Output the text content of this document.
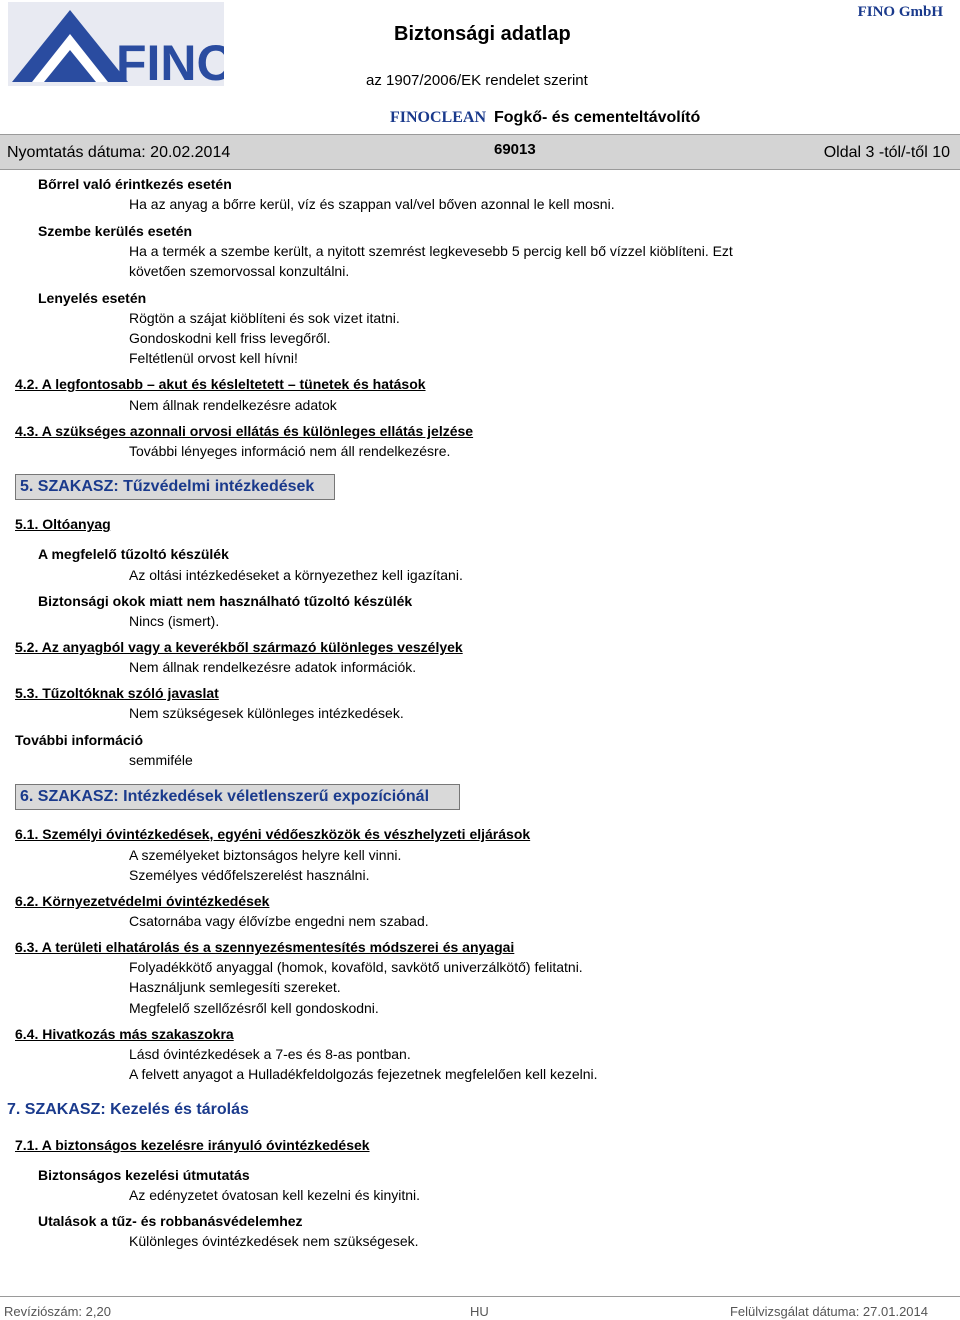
FINO
Biztonsági adatlap
az 1907/2006/EK rendelet szerint
FINO GmbH
FINOCLEAN Fogkő- és cementeltávolító
Nyomtatás dátuma: 20.02.2014	69013	Oldal 3 -tól/-től 10
Bőrrel való érintkezés esetén
Ha az anyag a bőrre kerül, víz és szappan val/vel bőven azonnal le kell mosni.
Szembe kerülés esetén
Ha a termék a szembe került, a nyitott szemrést legkevesebb 5 percig kell bő vízzel kiöblíteni. Ezt
követően szemorvossal konzultálni.
Lenyelés esetén
Rögtön a szájat kiöblíteni és sok vizet itatni.
Gondoskodni kell friss levegőről.
Feltétlenül orvost kell hívni!
4.2. A legfontosabb – akut és késleltetett – tünetek és hatások
Nem állnak rendelkezésre adatok
4.3. A szükséges azonnali orvosi ellátás és különleges ellátás jelzése
További lényeges információ nem áll rendelkezésre.
5. SZAKASZ: Tűzvédelmi intézkedések
5.1. Oltóanyag
A megfelelő tűzoltó készülék
Az oltási intézkedéseket a környezethez kell igazítani.
Biztonsági okok miatt nem használható tűzoltó készülék
Nincs (ismert).
5.2. Az anyagból vagy a keverékből származó különleges veszélyek
Nem állnak rendelkezésre adatok információk.
5.3. Tűzoltóknak szóló javaslat
Nem szükségesek különleges intézkedések.
További információ
semmiféle
6. SZAKASZ: Intézkedések véletlenszerű expozíciónál
6.1. Személyi óvintézkedések, egyéni védőeszközök és vészhelyzeti eljárások
A személyeket biztonságos helyre kell vinni.
Személyes védőfelszerelést használni.
6.2. Környezetvédelmi óvintézkedések
Csatornába vagy élővízbe engedni nem szabad.
6.3. A területi elhatárolás és a szennyezésmentesítés módszerei és anyagai
Folyadékkötő anyaggal (homok, kovaföld, savkötő univerzálkötő) felitatni.
Használjunk semlegesíti szereket.
Megfelelő szellőzésről kell gondoskodni.
6.4. Hivatkozás más szakaszokra
Lásd óvintézkedések a 7-es és 8-as pontban.
A felvett anyagot a Hulladékfeldolgozás fejezetnek megfelelően kell kezelni.
7. SZAKASZ: Kezelés és tárolás
7.1. A biztonságos kezelésre irányuló óvintézkedések
Biztonságos kezelési útmutatás
Az edényzetet óvatosan kell kezelni és kinyitni.
Utalások a tűz- és robbanásvédelemhez
Különleges óvintézkedések nem szükségesek.
Revíziószám: 2,20	HU	Felülvizsgálat dátuma: 27.01.2014
